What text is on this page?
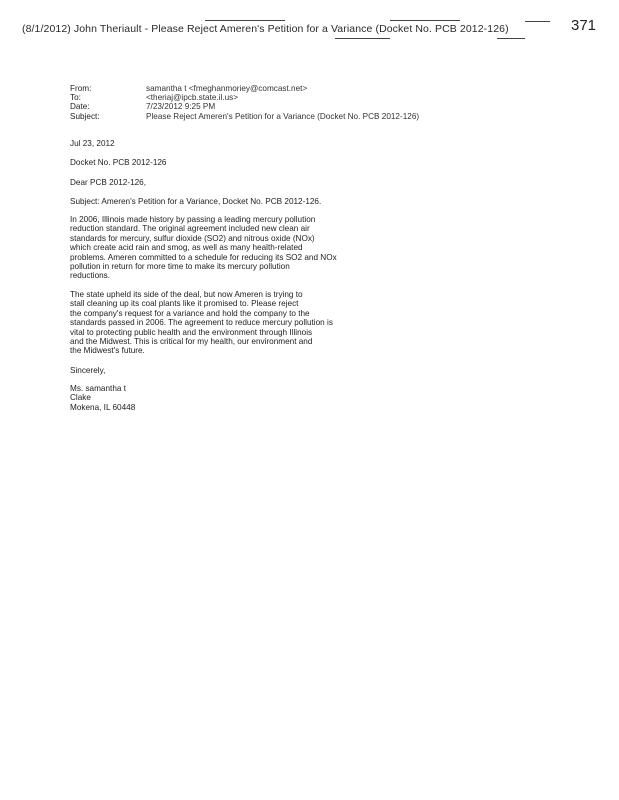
(8/1/2012) John Theriault - Please Reject Ameren's Petition for a Variance (Docket No. PCB 2012-126)	371
From:	samantha t <fmeghanmoriey@comcast.net>
To:	<theriaj@ipcb.state.il.us>
Date:	7/23/2012 9:25 PM
Subject:	Please Reject Ameren's Petition for a Variance (Docket No. PCB 2012-126)
Jul 23, 2012
Docket No. PCB 2012-126
Dear PCB 2012-126,
Subject: Ameren's Petition for a Variance, Docket No. PCB 2012-126.
In 2006, Illinois made history by passing a leading mercury pollution
reduction standard. The original agreement included new clean air
standards for mercury, sulfur dioxide (SO2) and nitrous oxide (NOx)
which create acid rain and smog, as well as many health-related
problems. Ameren committed to a schedule for reducing its SO2 and NOx
pollution in return for more time to make its mercury pollution
reductions.
The state upheld its side of the deal, but now Ameren is trying to
stall cleaning up its coal plants like it promised to. Please reject
the company's request for a variance and hold the company to the
standards passed in 2006. The agreement to reduce mercury pollution is
vital to protecting public health and the environment through Illinois
and the Midwest. This is critical for my health, our environment and
the Midwest's future.
Sincerely,
Ms. samantha t
Clake
Mokena, IL 60448
